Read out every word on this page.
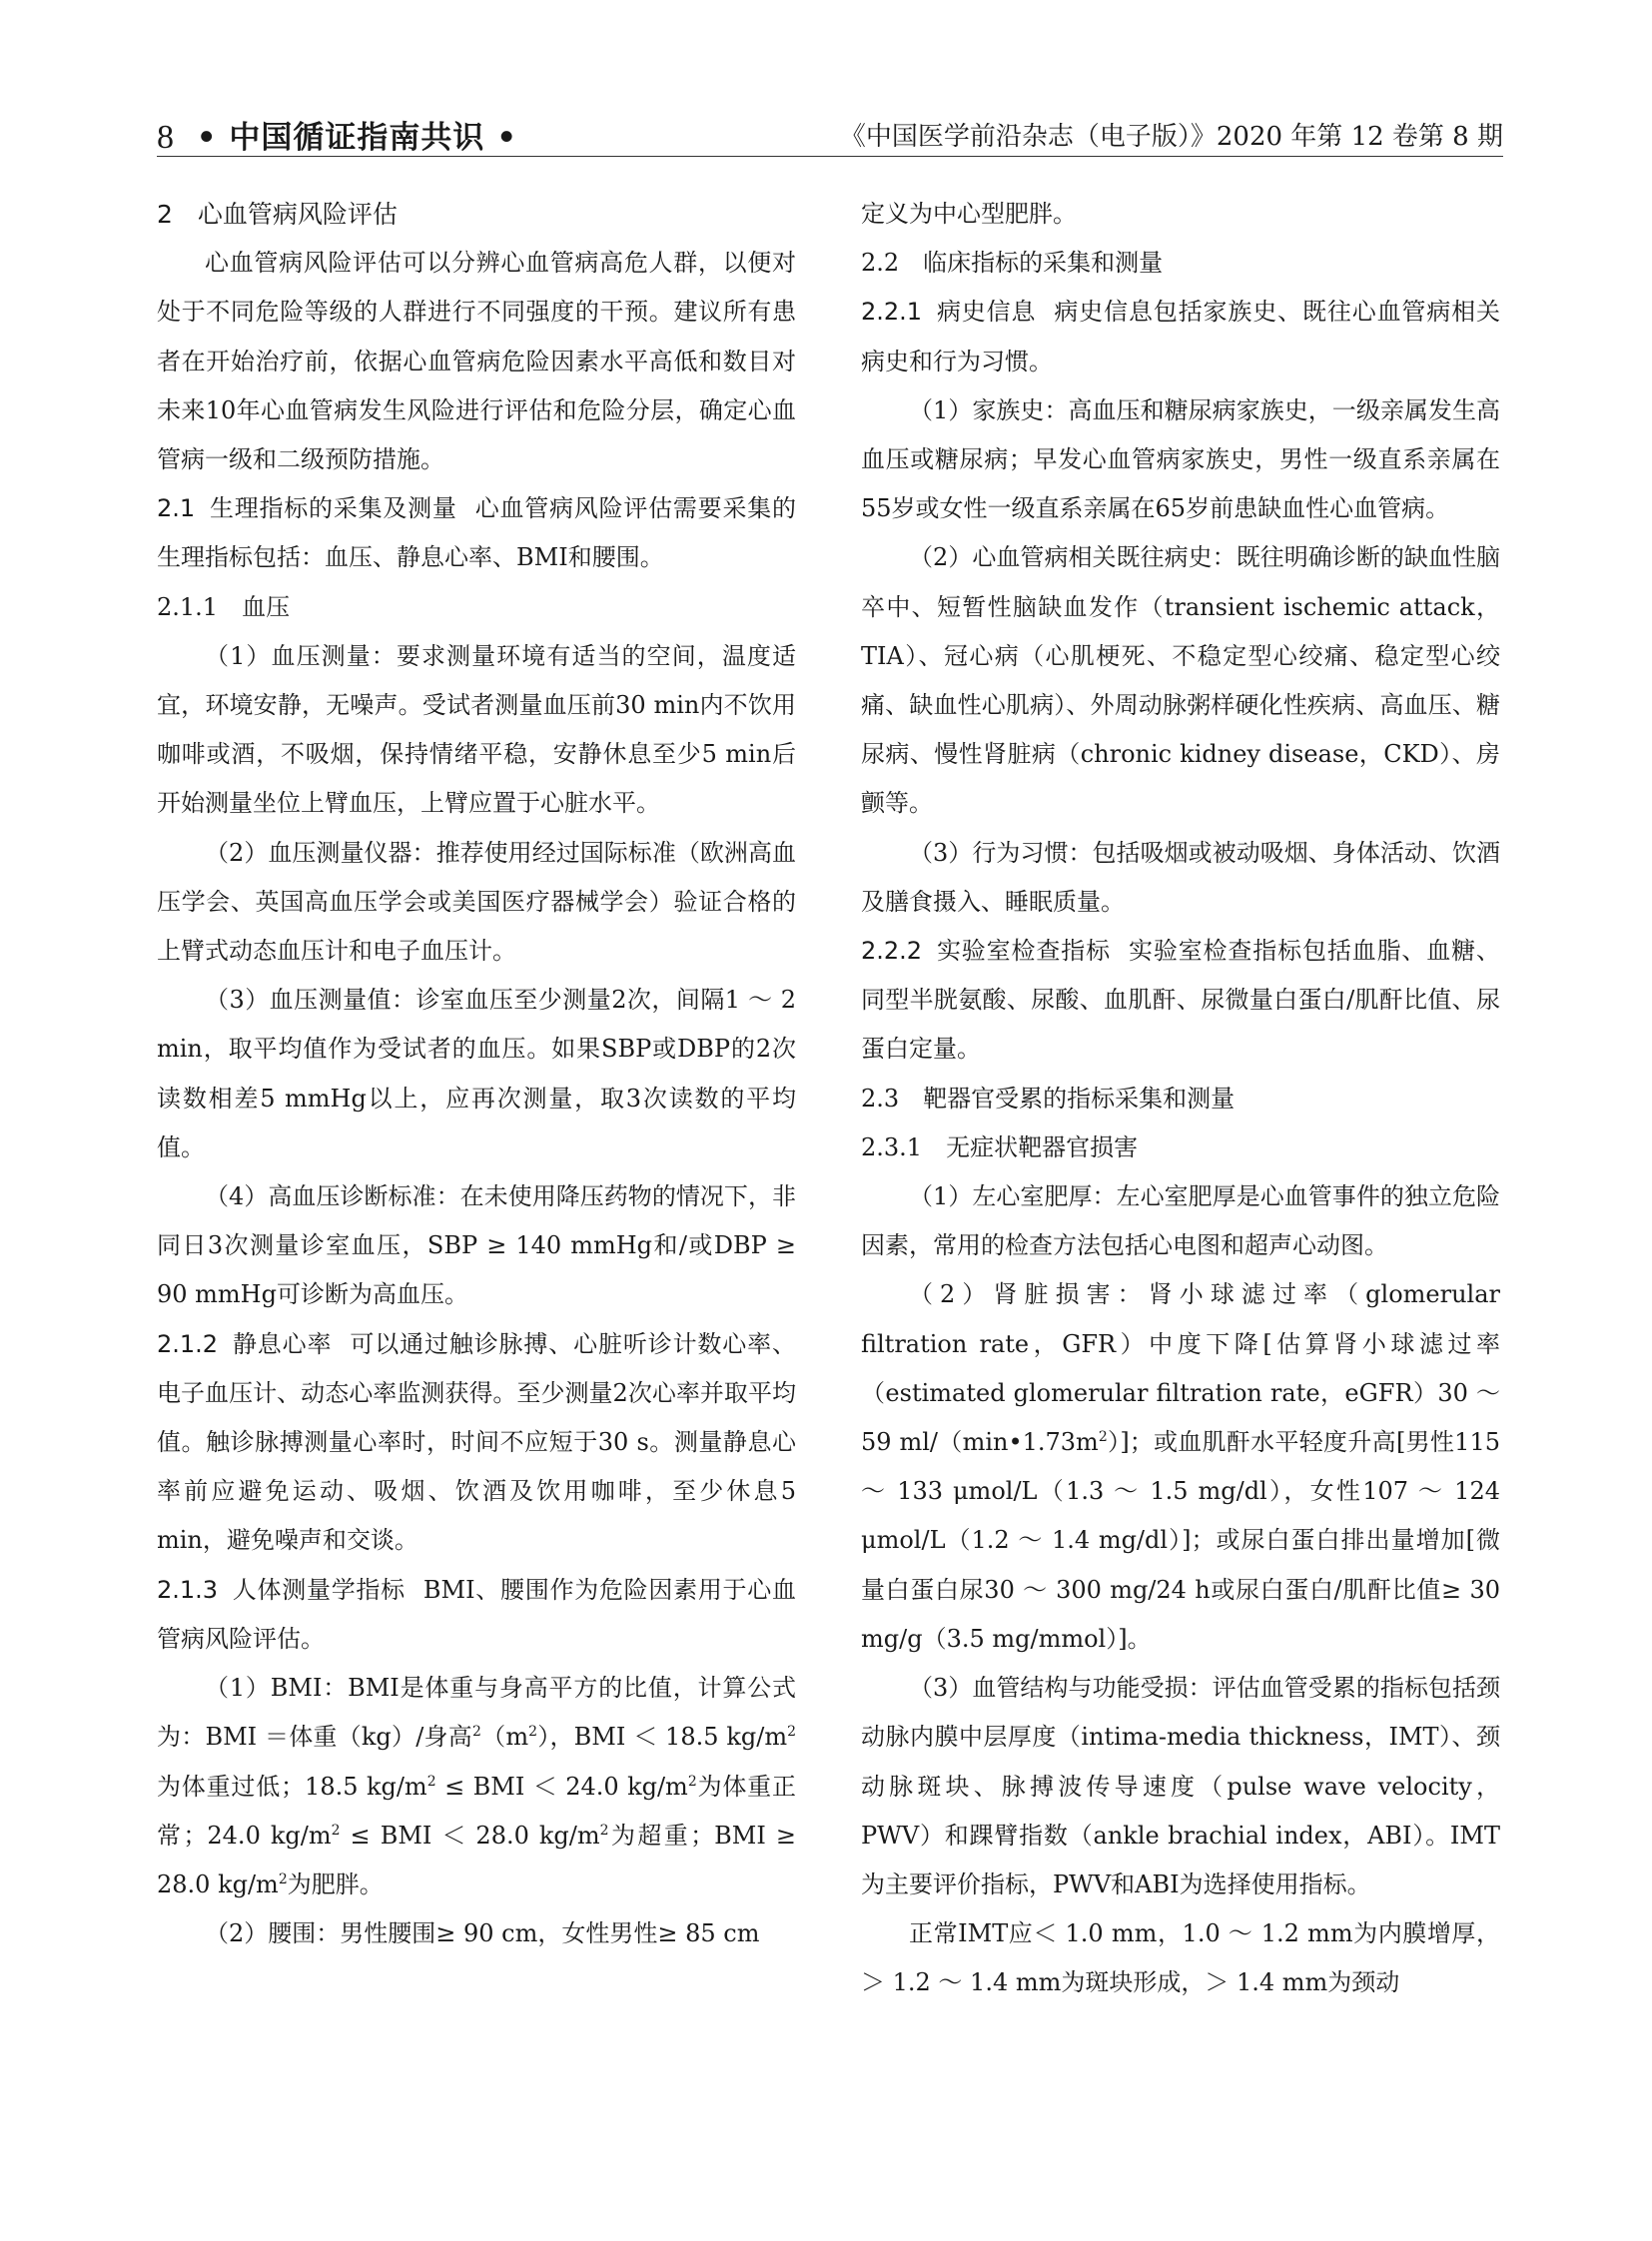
8 • 中国循证指南共识 •	《中国医学前沿杂志（电子版）》2020 年第 12 卷第 8 期

2　心血管病风险评估

心血管病风险评估可以分辨心血管病高危人群，以便对处于不同危险等级的人群进行不同强度的干预。建议所有患者在开始治疗前，依据心血管病危险因素水平高低和数目对未来10年心血管病发生风险进行评估和危险分层，确定心血管病一级和二级预防措施。

2.1 生理指标的采集及测量 心血管病风险评估需要采集的生理指标包括：血压、静息心率、BMI和腰围。

2.1.1　血压

（1）血压测量：要求测量环境有适当的空间，温度适宜，环境安静，无噪声。受试者测量血压前30 min内不饮用咖啡或酒，不吸烟，保持情绪平稳，安静休息至少5 min后开始测量坐位上臂血压，上臂应置于心脏水平。

（2）血压测量仪器：推荐使用经过国际标准（欧洲高血压学会、英国高血压学会或美国医疗器械学会）验证合格的上臂式动态血压计和电子血压计。

（3）血压测量值：诊室血压至少测量2次，间隔1 ～ 2 min，取平均值作为受试者的血压。如果SBP或DBP的2次读数相差5 mmHg以上，应再次测量，取3次读数的平均值。

（4）高血压诊断标准：在未使用降压药物的情况下，非同日3次测量诊室血压，SBP ≥ 140 mmHg和/或DBP ≥ 90 mmHg可诊断为高血压。

2.1.2 静息心率 可以通过触诊脉搏、心脏听诊计数心率、电子血压计、动态心率监测获得。至少测量2次心率并取平均值。触诊脉搏测量心率时，时间不应短于30 s。测量静息心率前应避免运动、吸烟、饮酒及饮用咖啡，至少休息5 min，避免噪声和交谈。

2.1.3 人体测量学指标 BMI、腰围作为危险因素用于心血管病风险评估。

（1）BMI：BMI是体重与身高平方的比值，计算公式为：BMI ＝体重（kg）/身高$^2(m^2)$，BMI ＜ 18.5 $kg/m^2$为体重过低；18.5 $kg/m^2$ ≤ BMI ＜ 24.0 $kg/m^2$为体重正常；24.0 $kg/m^2$ ≤ BMI ＜ 28.0 $kg/m^2$为超重；BMI ≥ 28.0 $kg/m^2$为肥胖。

（2）腰围：男性腰围≥ 90 cm，女性男性≥ 85 cm

定义为中心型肥胖。

2.2　临床指标的采集和测量

2.2.1 病史信息 病史信息包括家族史、既往心血管病相关病史和行为习惯。

（1）家族史：高血压和糖尿病家族史，一级亲属发生高血压或糖尿病；早发心血管病家族史，男性一级直系亲属在55岁或女性一级直系亲属在65岁前患缺血性心血管病。

（2）心血管病相关既往病史：既往明确诊断的缺血性脑卒中、短暂性脑缺血发作（transient ischemic attack，TIA）、冠心病（心肌梗死、不稳定型心绞痛、稳定型心绞痛、缺血性心肌病）、外周动脉粥样硬化性疾病、高血压、糖尿病、慢性肾脏病（chronic kidney disease，CKD）、房颤等。

（3）行为习惯：包括吸烟或被动吸烟、身体活动、饮酒及膳食摄入、睡眠质量。

2.2.2 实验室检查指标 实验室检查指标包括血脂、血糖、同型半胱氨酸、尿酸、血肌酐、尿微量白蛋白/肌酐比值、尿蛋白定量。

2.3　靶器官受累的指标采集和测量

2.3.1　无症状靶器官损害

（1）左心室肥厚：左心室肥厚是心血管事件的独立危险因素，常用的检查方法包括心电图和超声心动图。

（2）肾脏损害：肾小球滤过率（glomerular filtration rate，GFR）中度下降[估算肾小球滤过率（estimated glomerular filtration rate，eGFR）30 ～ 59 $ml/(\min•1.73m^2)$]；或血肌酐水平轻度升高[男性115 ～ 133 μmol/L（1.3 ～ 1.5 mg/dl），女性107 ～ 124 μmol/L（1.2 ～ 1.4 mg/dl）]；或尿白蛋白排出量增加[微量白蛋白尿30 ～ 300 mg/24 h或尿白蛋白/肌酐比值≥ 30 mg/g（3.5 mg/mmol）]。

（3）血管结构与功能受损：评估血管受累的指标包括颈动脉内膜中层厚度（intima-media thickness，IMT）、颈动脉斑块、脉搏波传导速度（pulse wave velocity，PWV）和踝臂指数（ankle brachial index，ABI）。IMT为主要评价指标，PWV和ABI为选择使用指标。

正常IMT应＜ 1.0 mm，1.0 ～ 1.2 mm为内膜增厚，＞ 1.2 ～ 1.4 mm为斑块形成，＞ 1.4 mm为颈动
